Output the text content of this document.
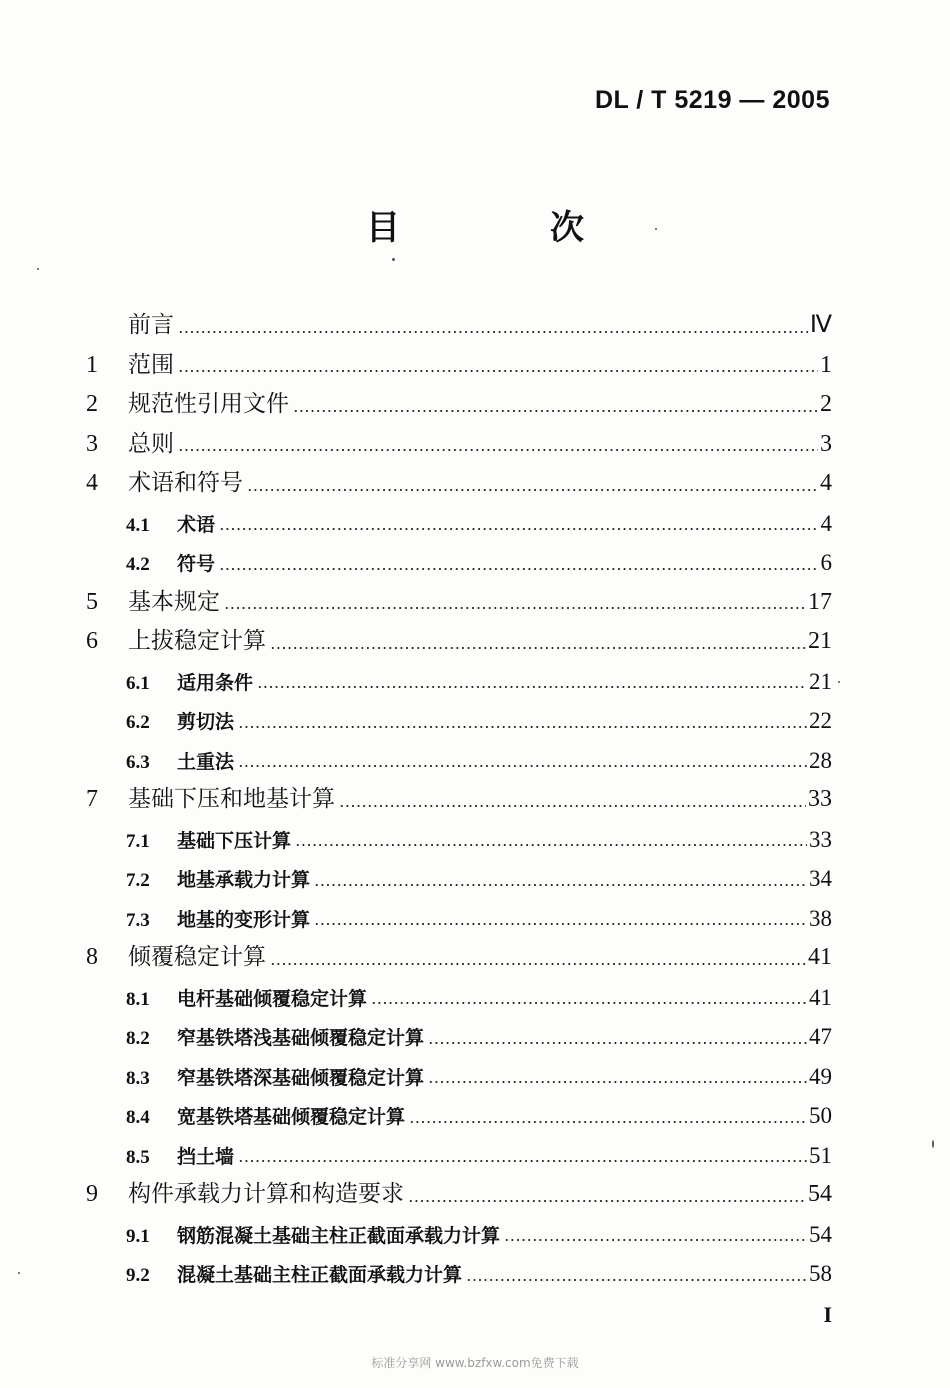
DL / T 5219 — 2005
目　次
前言	Ⅳ
1	范围	1
2	规范性引用文件	2
3	总则	3
4	术语和符号	4
4.1	术语	4
4.2	符号	6
5	基本规定	17
6	上拔稳定计算	21
6.1	适用条件	21
6.2	剪切法	22
6.3	土重法	28
7	基础下压和地基计算	33
7.1	基础下压计算	33
7.2	地基承载力计算	34
7.3	地基的变形计算	38
8	倾覆稳定计算	41
8.1	电杆基础倾覆稳定计算	41
8.2	窄基铁塔浅基础倾覆稳定计算	47
8.3	窄基铁塔深基础倾覆稳定计算	49
8.4	宽基铁塔基础倾覆稳定计算	50
8.5	挡土墙	51
9	构件承载力计算和构造要求	54
9.1	钢筋混凝土基础主柱正截面承载力计算	54
9.2	混凝土基础主柱正截面承载力计算	58
I
标准分享网 www.bzfxw.com免费下载
